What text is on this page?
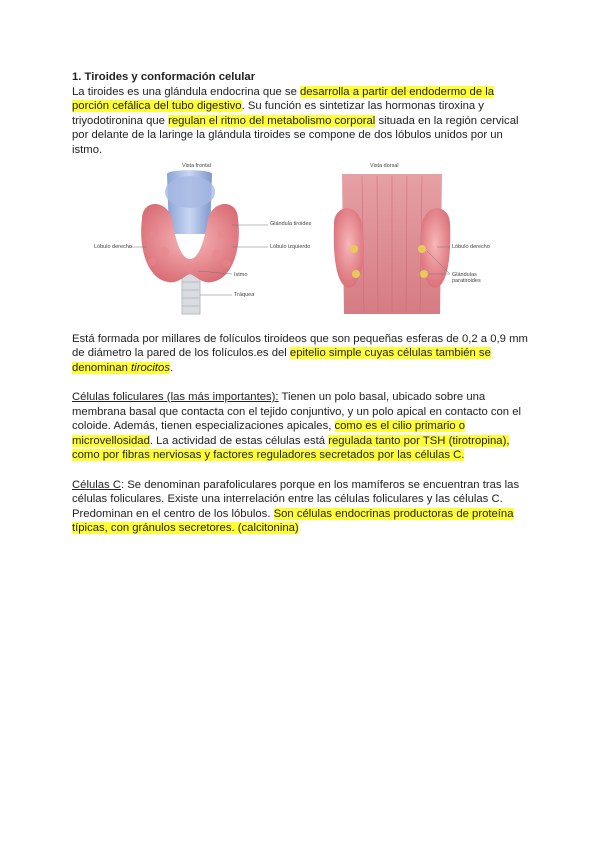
1. Tiroides y conformación celular

La tiroides es una glándula endocrina que se desarrolla a partir del endodermo de la porción cefálica del tubo digestivo. Su función es sintetizar las hormonas tiroxina y triyodotironina que regulan el ritmo del metabolismo corporal situada en la región cervical por delante de la laringe la glándula tiroides se compone de dos lóbulos unidos por un istmo.

Vista frontal	Vista dorsal
Glándula tiroides
Lóbulo derecho	Lóbulo izquierdo
Istmo
Tráquea
Lóbulo derecho
Glándulas paratiroides

Está formada por millares de folículos tiroideos que son pequeñas esferas de 0,2 a 0,9 mm de diámetro la pared de los folículos.es del epitelio simple cuyas células también se denominan tirocitos.

Células foliculares (las más importantes): Tienen un polo basal, ubicado sobre una membrana basal que contacta con el tejido conjuntivo, y un polo apical en contacto con el coloide. Además, tienen especializaciones apicales, como es el cilio primario o microvellosidad. La actividad de estas células está regulada tanto por TSH (tirotropina), como por fibras nerviosas y factores reguladores secretados por las células C.

Células C: Se denominan parafoliculares porque en los mamíferos se encuentran tras las células foliculares. Existe una interrelación entre las células foliculares y las células C. Predominan en el centro de los lóbulos. Son células endocrinas productoras de proteína típicas, con gránulos secretores. (calcitonina)
